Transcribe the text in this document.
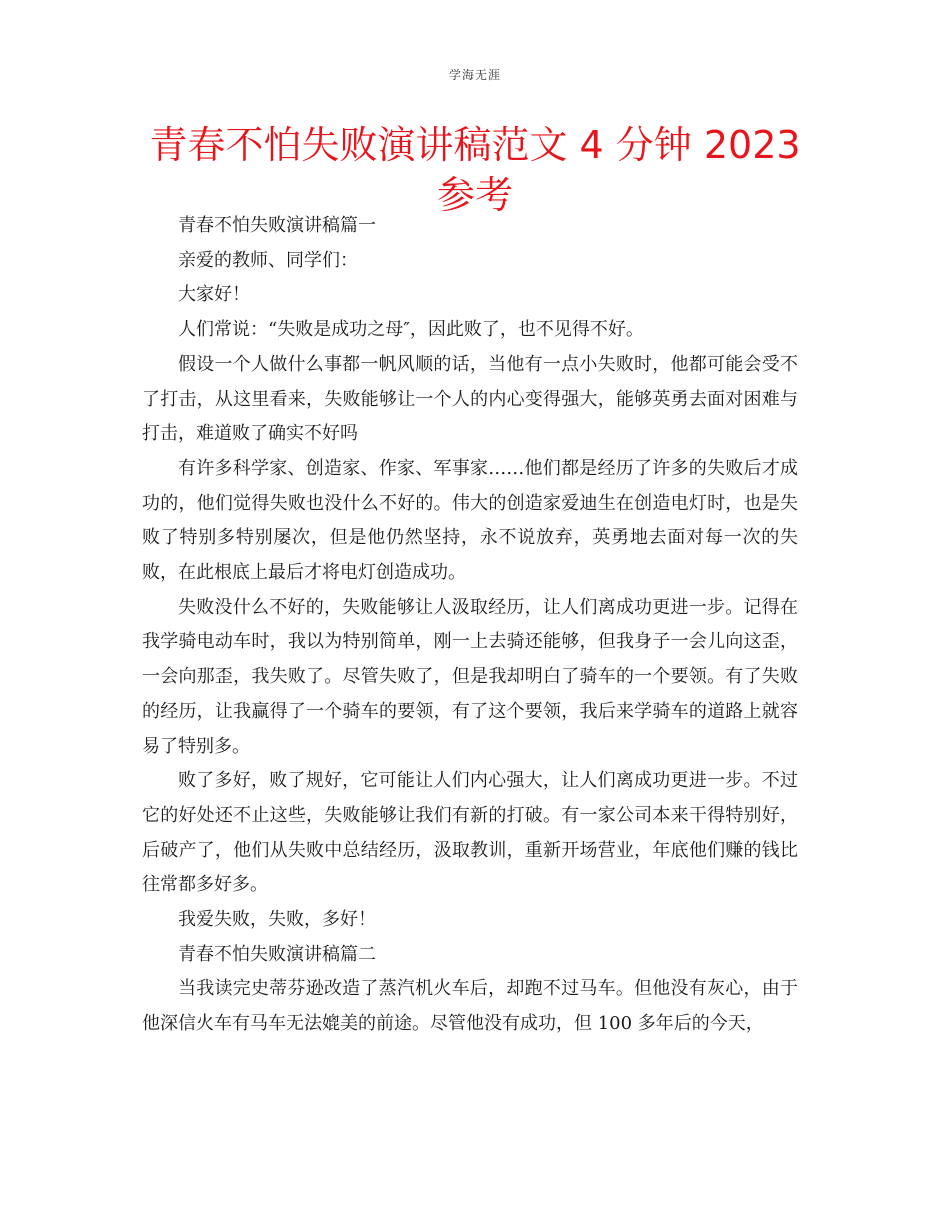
学海无涯
青春不怕失败演讲稿范文 4 分钟 2023 参考

青春不怕失败演讲稿篇一

亲爱的教师、同学们：

大家好！

人们常说：“失败是成功之母″，因此败了，也不见得不好。

假设一个人做什么事都一帆风顺的话，当他有一点小失败时，他都可能会受不了打击，从这里看来，失败能够让一个人的内心变得强大，能够英勇去面对困难与打击，难道败了确实不好吗

有许多科学家、创造家、作家、军事家……他们都是经历了许多的失败后才成功的，他们觉得失败也没什么不好的。伟大的创造家爱迪生在创造电灯时，也是失败了特别多特别屡次，但是他仍然坚持，永不说放弃，英勇地去面对每一次的失败，在此根底上最后才将电灯创造成功。

失败没什么不好的，失败能够让人汲取经历，让人们离成功更进一步。记得在我学骑电动车时，我以为特别简单，刚一上去骑还能够，但我身子一会儿向这歪，一会向那歪，我失败了。尽管失败了，但是我却明白了骑车的一个要领。有了失败的经历，让我赢得了一个骑车的要领，有了这个要领，我后来学骑车的道路上就容易了特别多。

败了多好，败了规好，它可能让人们内心强大，让人们离成功更进一步。不过它的好处还不止这些，失败能够让我们有新的打破。有一家公司本来干得特别好，后破产了，他们从失败中总结经历，汲取教训，重新开场营业，年底他们赚的钱比往常都多好多。

我爱失败，失败，多好！

青春不怕失败演讲稿篇二

当我读完史蒂芬逊改造了蒸汽机火车后，却跑不过马车。但他没有灰心，由于他深信火车有马车无法媲美的前途。尽管他没有成功，但 100 多年后的今天，
